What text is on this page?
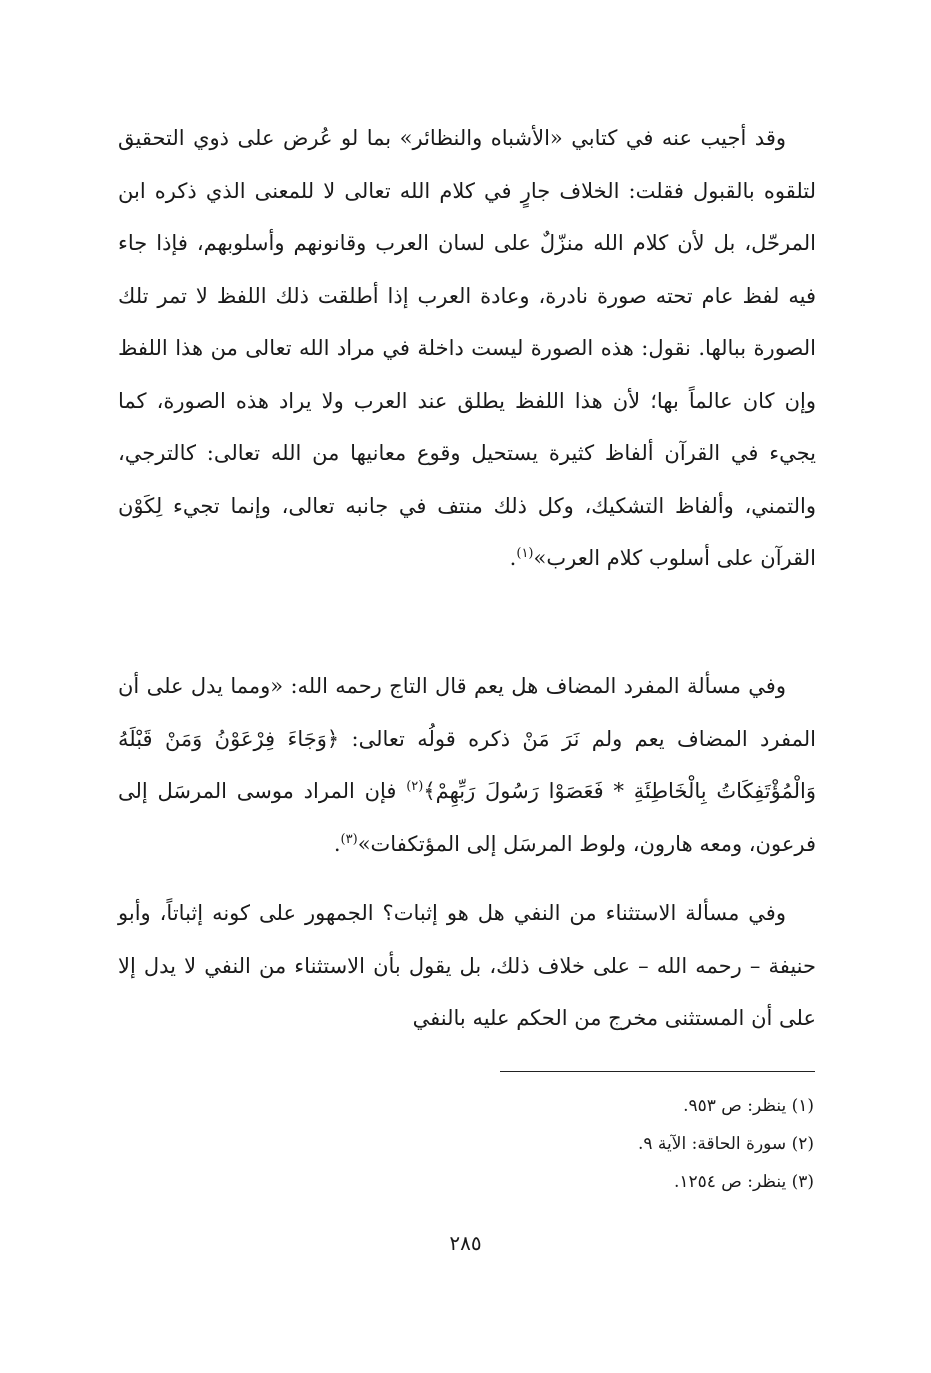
وقد أجيب عنه في كتابي «الأشباه والنظائر» بما لو عُرض على ذوي التحقيق لتلقوه بالقبول فقلت: الخلاف جارٍ في كلام الله تعالى لا للمعنى الذي ذكره ابن المرحّل، بل لأن كلام الله منزّلٌ على لسان العرب وقانونهم وأسلوبهم، فإذا جاء فيه لفظ عام تحته صورة نادرة، وعادة العرب إذا أطلقت ذلك اللفظ لا تمر تلك الصورة ببالها. نقول: هذه الصورة ليست داخلة في مراد الله تعالى من هذا اللفظ وإن كان عالماً بها؛ لأن هذا اللفظ يطلق عند العرب ولا يراد هذه الصورة، كما يجيء في القرآن ألفاظ كثيرة يستحيل وقوع معانيها من الله تعالى: كالترجي، والتمني، وألفاظ التشكيك، وكل ذلك منتف في جانبه تعالى، وإنما تجيء لِكَوْن القرآن على أسلوب كلام العرب»$^{(١)}$.

وفي مسألة المفرد المضاف هل يعم قال التاج رحمه الله: «ومما يدل على أن المفرد المضاف يعم ولم نَرَ مَنْ ذكره قولُه تعالى: ﴿وَجَاءَ فِرْعَوْنُ وَمَنْ قَبْلَهُ وَالْمُؤْتَفِكَاتُ بِالْخَاطِئَةِ * فَعَصَوْا رَسُولَ رَبِّهِمْ﴾$^{(٢)}$ فإن المراد موسى المرسَل إلى فرعون، ومعه هارون، ولوط المرسَل إلى المؤتكفات»$^{(٣)}$.

وفي مسألة الاستثناء من النفي هل هو إثبات؟ الجمهور على كونه إثباتاً، وأبو حنيفة – رحمه الله – على خلاف ذلك، بل يقول بأن الاستثناء من النفي لا يدل إلا على أن المستثنى مخرج من الحكم عليه بالنفي

(١) ينظر: ص ٩٥٣.
(٢) سورة الحاقة: الآية ٩.
(٣) ينظر: ص ١٢٥٤.
٢٨٥
